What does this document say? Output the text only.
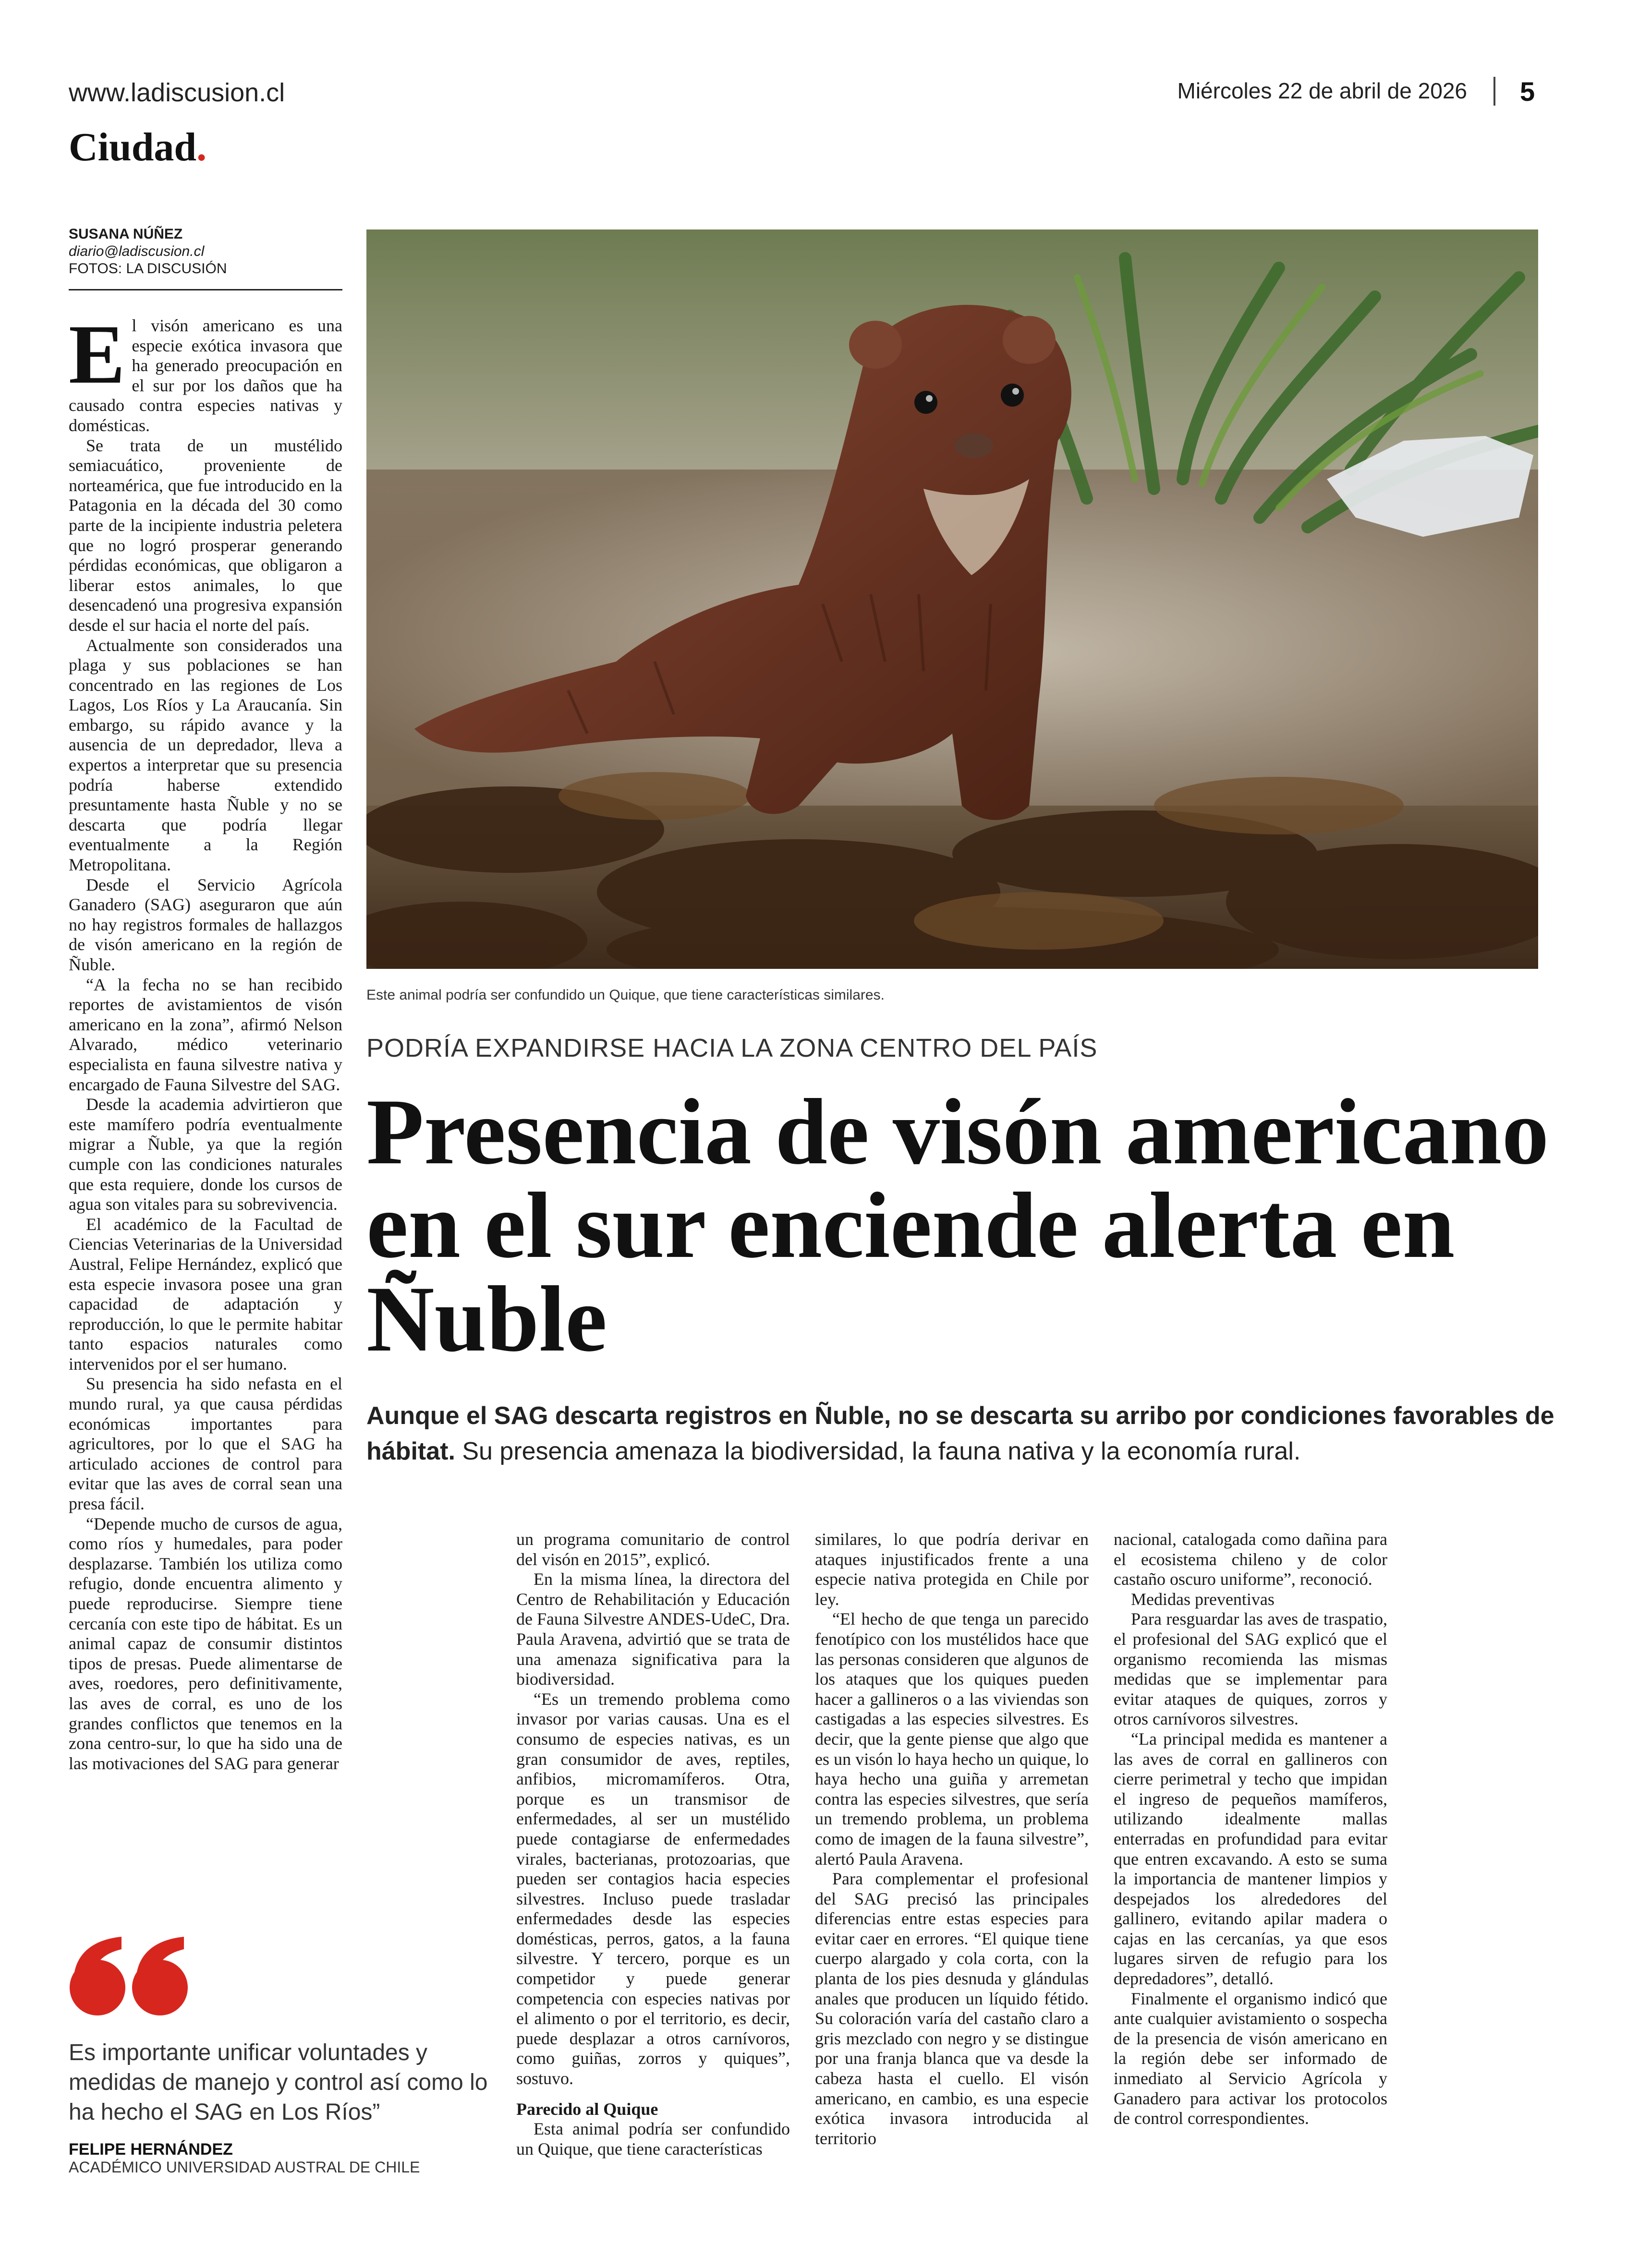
www.ladiscusion.cl	Miércoles 22 de abril de 2026 5
Ciudad.
SUSANA NÚÑEZ
diario@ladiscusion.cl
FOTOS: LA DISCUSIÓN
Este animal podría ser confundido un Quique, que tiene características similares.
PODRÍA EXPANDIRSE HACIA LA ZONA CENTRO DEL PAÍS
Presencia de visón americano en el sur enciende alerta en Ñuble
Aunque el SAG descarta registros en Ñuble, no se descarta su arribo por condiciones favorables de hábitat. Su presencia amenaza la biodiversidad, la fauna nativa y la economía rural.

El visón americano es una especie exótica invasora que ha generado preocupación en el sur por los daños que ha causado contra especies nativas y domésticas.

Se trata de un mustélido semiacuático, proveniente de norteamérica, que fue introducido en la Patagonia en la década del 30 como parte de la incipiente industria peletera que no logró prosperar generando pérdidas económicas, que obligaron a liberar estos animales, lo que desencadenó una progresiva expansión desde el sur hacia el norte del país.

Actualmente son considerados una plaga y sus poblaciones se han concentrado en las regiones de Los Lagos, Los Ríos y La Araucanía. Sin embargo, su rápido avance y la ausencia de un depredador, lleva a expertos a interpretar que su presencia podría haberse extendido presuntamente hasta Ñuble y no se descarta que podría llegar eventualmente a la Región Metropolitana.

Desde el Servicio Agrícola Ganadero (SAG) aseguraron que aún no hay registros formales de hallazgos de visón americano en la región de Ñuble.

“A la fecha no se han recibido reportes de avistamientos de visón americano en la zona”, afirmó Nelson Alvarado, médico veterinario especialista en fauna silvestre nativa y encargado de Fauna Silvestre del SAG.

Desde la academia advirtieron que este mamífero podría eventualmente migrar a Ñuble, ya que la región cumple con las condiciones naturales que esta requiere, donde los cursos de agua son vitales para su sobrevivencia.

El académico de la Facultad de Ciencias Veterinarias de la Universidad Austral, Felipe Hernández, explicó que esta especie invasora posee una gran capacidad de adaptación y reproducción, lo que le permite habitar tanto espacios naturales como intervenidos por el ser humano.

Su presencia ha sido nefasta en el mundo rural, ya que causa pérdidas económicas importantes para agricultores, por lo que el SAG ha articulado acciones de control para evitar que las aves de corral sean una presa fácil.

“Depende mucho de cursos de agua, como ríos y humedales, para poder desplazarse. También los utiliza como refugio, donde encuentra alimento y puede reproducirse. Siempre tiene cercanía con este tipo de hábitat. Es un animal capaz de consumir distintos tipos de presas. Puede alimentarse de aves, roedores, pero definitivamente, las aves de corral, es uno de los grandes conflictos que tenemos en la zona centro-sur, lo que ha sido una de las motivaciones del SAG para generar

un programa comunitario de control del visón en 2015”, explicó.

En la misma línea, la directora del Centro de Rehabilitación y Educación de Fauna Silvestre ANDES-UdeC, Dra. Paula Aravena, advirtió que se trata de una amenaza significativa para la biodiversidad.

“Es un tremendo problema como invasor por varias causas. Una es el consumo de especies nativas, es un gran consumidor de aves, reptiles, anfibios, micromamíferos. Otra, porque es un transmisor de enfermedades, al ser un mustélido puede contagiarse de enfermedades virales, bacterianas, protozoarias, que pueden ser contagios hacia especies silvestres. Incluso puede trasladar enfermedades desde las especies domésticas, perros, gatos, a la fauna silvestre. Y tercero, porque es un competidor y puede generar competencia con especies nativas por el alimento o por el territorio, es decir, puede desplazar a otros carnívoros, como guiñas, zorros y quiques”, sostuvo.

Parecido al Quique

Esta animal podría ser confundido un Quique, que tiene características

similares, lo que podría derivar en ataques injustificados frente a una especie nativa protegida en Chile por ley.

“El hecho de que tenga un parecido fenotípico con los mustélidos hace que las personas consideren que algunos de los ataques que los quiques pueden hacer a gallineros o a las viviendas son castigadas a las especies silvestres. Es decir, que la gente piense que algo que es un visón lo haya hecho un quique, lo haya hecho una guiña y arremetan contra las especies silvestres, que sería un tremendo problema, un problema como de imagen de la fauna silvestre”, alertó Paula Aravena.

Para complementar el profesional del SAG precisó las principales diferencias entre estas especies para evitar caer en errores. “El quique tiene cuerpo alargado y cola corta, con la planta de los pies desnuda y glándulas anales que producen un líquido fétido. Su coloración varía del castaño claro a gris mezclado con negro y se distingue por una franja blanca que va desde la cabeza hasta el cuello. El visón americano, en cambio, es una especie exótica invasora introducida al territorio

nacional, catalogada como dañina para el ecosistema chileno y de color castaño oscuro uniforme”, reconoció.

Medidas preventivas

Para resguardar las aves de traspatio, el profesional del SAG explicó que el organismo recomienda las mismas medidas que se implementar para evitar ataques de quiques, zorros y otros carnívoros silvestres.

“La principal medida es mantener a las aves de corral en gallineros con cierre perimetral y techo que impidan el ingreso de pequeños mamíferos, utilizando idealmente mallas enterradas en profundidad para evitar que entren excavando. A esto se suma la importancia de mantener limpios y despejados los alrededores del gallinero, evitando apilar madera o cajas en las cercanías, ya que esos lugares sirven de refugio para los depredadores”, detalló.

Finalmente el organismo indicó que ante cualquier avistamiento o sospecha de la presencia de visón americano en la región debe ser informado de inmediato al Servicio Agrícola y Ganadero para activar los protocolos de control correspondientes.

Es importante unificar voluntades y medidas de manejo y control así como lo ha hecho el SAG en Los Ríos”
FELIPE HERNÁNDEZ
ACADÉMICO UNIVERSIDAD AUSTRAL DE CHILE
